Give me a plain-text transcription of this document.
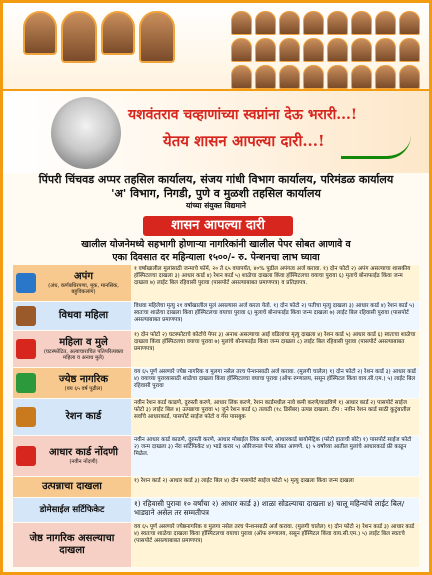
यशवंतराव चव्हाणांच्या स्वप्नांना देऊ भरारी...!
येतय शासन आपल्या दारी...!
पिंपरी चिंचवड अप्पर तहसिल कार्यालय, संजय गांधी विभाग कार्यालय, परिमंडळ कार्यालय
'अ' विभाग, निगडी, पुणे व मुळशी तहसिल कार्यालय
यांच्या संयुक्त विद्यमाने
शासन आपल्या दारी
खालील योजनेमध्ये सहभागी होणाऱ्या नागरिकांनी खालील पेपर सोबत आणावे व
एका दिवसात दर महिन्याला १५००/- रु. पेन्शनचा लाभ घ्यावा
अपंग
(अंध, कर्णबधिरपणा, मूक, मानसिक, बहुविकलांग)
१ वर्षाखालील मुलांसाठी जन्माचे फॉर्म, २० ते ६५ वयापर्यंत, ४०% पुढील अपंगत्व अर्ज करावा. १) दोन फोटो २) अपंग असल्याचा शासकीय हॉस्पिटलचा दाखला ३) आधार कार्ड ४) रेशन कार्ड ५) शाळेचा दाखला किंवा हॉस्पिटलचा वयाचा पुरावा ६) मृताचे बोनाफाईड किंवा जन्म दाखला ७) लाईट बिल रहिवासी पुरावा (पासपोर्ट असल्याबाबत प्रमाणपत्र) व प्रतिज्ञापत्र.
विधवा महिला
विधवा महिलेचा मृत्यु २१ वर्षाखालील मुलं असल्यास अर्ज करता येतो. १) दोन फोटो २) पतीचा मृत्यु दाखला ३) आधार कार्ड ४) रेशन कार्ड ५) स्वतःचा शाळेचा दाखला किंवा हॉस्पिटलचा वयाचा पुरावा ६) मुलाचे बोनाफाईड किंवा जन्म दाखला ७) लाईट बिल रहिवासी पुरावा (पासपोर्ट असल्याबाबत प्रमाणपत्र)
महिला व मुले
(घटस्फोटित, अत्याचाराचित पतिपरित्यक्ता महिला व अनाथ मुले)
१) दोन फोटो २) घटस्फोटाचे कोर्टाचे पेपर ३) अनाथ असल्याचा आई वडिलांचा मृत्यु दाखला ४) रेशन कार्ड ५) आधार कार्ड ६) स्वतःचा शाळेचा दाखला किंवा हॉस्पिटलचा वयाचा पुरावा ७) मुलांचे बोनाफाईड किंवा जन्म दाखला ८) लाईट बिल रहिवासी पुरावा (पासपोर्ट असल्याबाबत प्रमाणपत्र)
ज्येष्ठ नागरिक
(वय ६५ वर्ष पुढील)
वय ६५ पूर्ण असणारे ज्येष्ठ नागरिक व मुलगा नसेल तरच पेन्शनसाठी अर्ज करावा. (मुलगी चालेल) १) दोन फोटो २) रेशन कार्ड ३) आधार कार्ड ४) वयाच्या पुराव्यासाठी शाळेचा दाखला किंवा हॉस्पिटलचा वयाचा पुरावा (ऑफ रुग्णालय, ससून हॉस्पिटल किंवा वाय.सी.एम.) ५) लाईट बिल रहिवासी पुरावा
रेशन कार्ड
नवीन रेशन कार्ड काढणे, दुरुस्ती करणे, आधार लिंक करणे, रेशन कार्डमधील नावे कमी करणे/वाढविणे १) आधार कार्ड २) पासपोर्ट साईज फोटो ३) लाईट बिल ४) उत्पन्नाचा पुरावा ५) जुने रेशन कार्ड ६) तलाठी (१८ डिसेंबर) उत्पन्न दाखला. टीप : नवीन रेशन कार्ड साठी कुटुंबातील सर्वांचे आधारकार्ड, पासपोर्ट साईज फोटो व गॅस पासबुक
आधार कार्ड नोंदणी
(नवीन नोंदणी)
नवीन आधार कार्ड काढणे, दुरुस्ती करणे, आधार मोबाईल लिंक करणे, आधारकार्ड बायोमेट्रिक (फोटो हाताची बोटे) १) पासपोर्ट साईज फोटो २) जन्म दाखला ३) नॅरा सर्टिफिकेट ४) भाडे करार ५) ओरिजनल पेपर सोबत आणणे. ६) ५ वर्षांच्या आतील मुलांचे आधारकार्ड फ्री काढून मिळेल.
उत्पन्नाचा दाखला	१) रेशन कार्ड २) आधार कार्ड ३) लाईट बिल ४) दोन पासपोर्ट साईज फोटो ५) मृत्यु दाखला किंवा जन्म दाखला
डोमेसाईल सर्टिफिकेट
१) रहिवासी पुरावा १० वर्षांचा २) आधार कार्ड ३) शाळा सोडल्याचा दाखला ४) चालू महिन्यांचे लाईट बिल/भाड्याने असेल तर सम्मतीपत्र
जेष्ठ नागरिक असल्याचा दाखला
वय ६५ पूर्ण असणारे ज्येष्ठनागरिक व मुलगा नसेल तरच पेन्शनसाठी अर्ज करावा. (मुलगी चालेल) १) दोन फोटो २) रेशन कार्ड ३) आधार कार्ड ४) स्वतःचा शाळेचा दाखला किंवा हॉस्पिटलचा वयाचा पुरावा (ऑफ रुग्णालय, ससून हॉस्पिटल किंवा वाय.सी.एम.) ५) लाईट बिल स्वतःचे (पासपोर्ट असल्याबाबत प्रमाणपत्र)
